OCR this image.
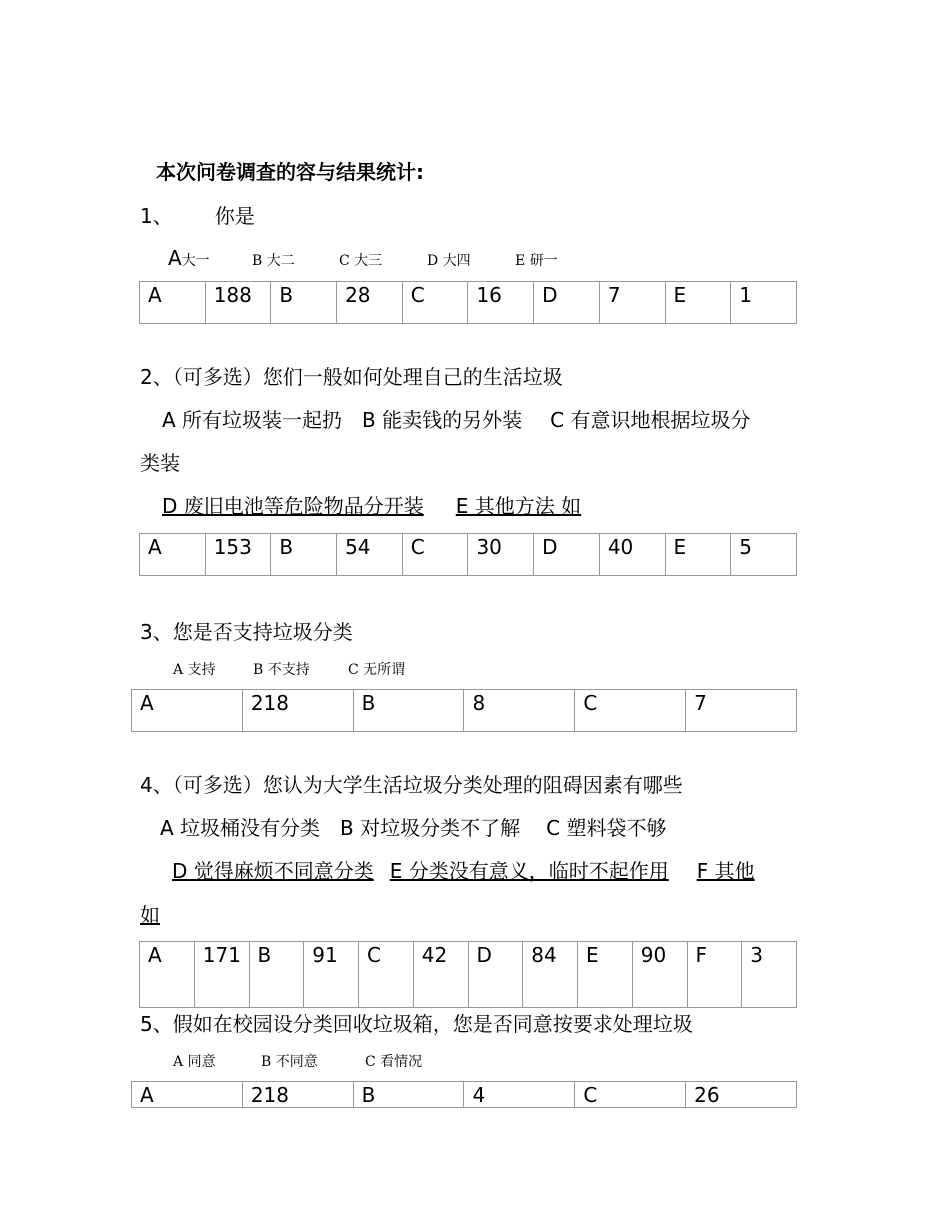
本次问卷调查的容与结果统计:
1、 你是
A大一	B 大二	C 大三	D 大四	E 研一
A	188	B	28	C	16	D	7	E	1
2、（可多选）您们一般如何处理自己的生活垃圾
A 所有垃圾装一起扔 B 能卖钱的另外装 C 有意识地根据垃圾分
类装
D 废旧电池等危险物品分开装 E 其他方法 如
A	153	B	54	C	30	D	40	E	5
3、您是否支持垃圾分类
A 支持	B 不支持	C 无所谓
A	218	B	8	C	7
4、（可多选）您认为大学生活垃圾分类处理的阻碍因素有哪些
A 垃圾桶没有分类 B 对垃圾分类不了解 C 塑料袋不够
D 觉得麻烦不同意分类 E 分类没有意义，临时不起作用 F 其他
如
A	171	B	91	C	42	D	84	E	90	F	3
5、假如在校园设分类回收垃圾箱，您是否同意按要求处理垃圾
A 同意	B 不同意	C 看情况
A	218	B	4	C	26
